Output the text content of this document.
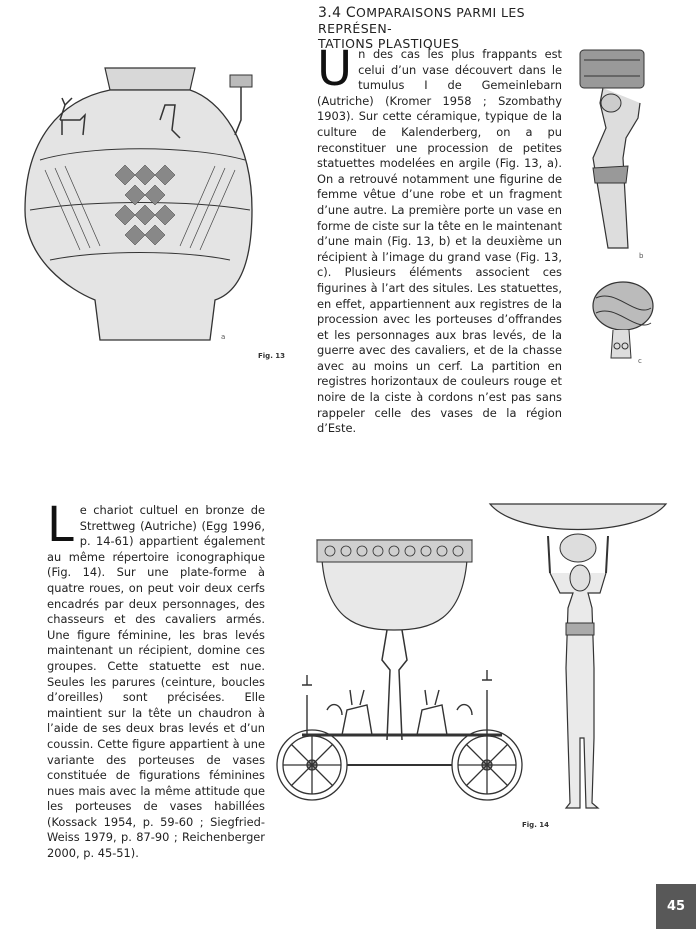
3.4 COMPARAISONS PARMI LES REPRÉSEN-
TATIONS PLASTIQUES
U n des cas les plus frappants est celui d’un vase découvert dans le tumulus I de Gemeinlebarn (Autriche) (Kromer 1958 ; Szombathy 1903). Sur cette céramique, typique de la culture de Kalenderberg, on a pu reconstituer une procession de petites statuettes modelées en argile (Fig. 13, a). On a retrouvé notamment une figurine de femme vêtue d’une robe et un fragment d’une autre. La première porte un vase en forme de ciste sur la tête en le maintenant d’une main (Fig. 13, b) et la deuxième un récipient à l’image du grand vase (Fig. 13, c). Plusieurs éléments associent ces figurines à l’art des situles. Les statuettes, en effet, appartiennent aux registres de la procession avec les porteuses d’offrandes et les personnages aux bras levés, de la guerre avec des cavaliers, et de la chasse avec au moins un cerf. La partition en registres horizontaux de couleurs rouge et noire de la ciste à cordons n’est pas sans rappeler celle des vases de la région d’Este.
L e chariot cultuel en bronze de Strettweg (Autriche) (Egg 1996, p. 14-61) appartient également au même répertoire iconographique (Fig. 14). Sur une plate-forme à quatre roues, on peut voir deux cerfs encadrés par deux personnages, des chasseurs et des cavaliers armés. Une figure féminine, les bras levés maintenant un récipient, domine ces groupes. Cette statuette est nue. Seules les parures (ceinture, boucles d’oreilles) sont précisées. Elle maintient sur la tête un chaudron à l’aide de ses deux bras levés et d’un coussin. Cette figure appartient à une variante des porteuses de vases constituée de figurations féminines nues mais avec la même attitude que les porteuses de vases habillées (Kossack 1954, p. 59-60 ; Siegfried-Weiss 1979, p. 87-90 ; Reichenberger 2000, p. 45-51).
a
Fig. 13
b
c
Fig. 14
45
